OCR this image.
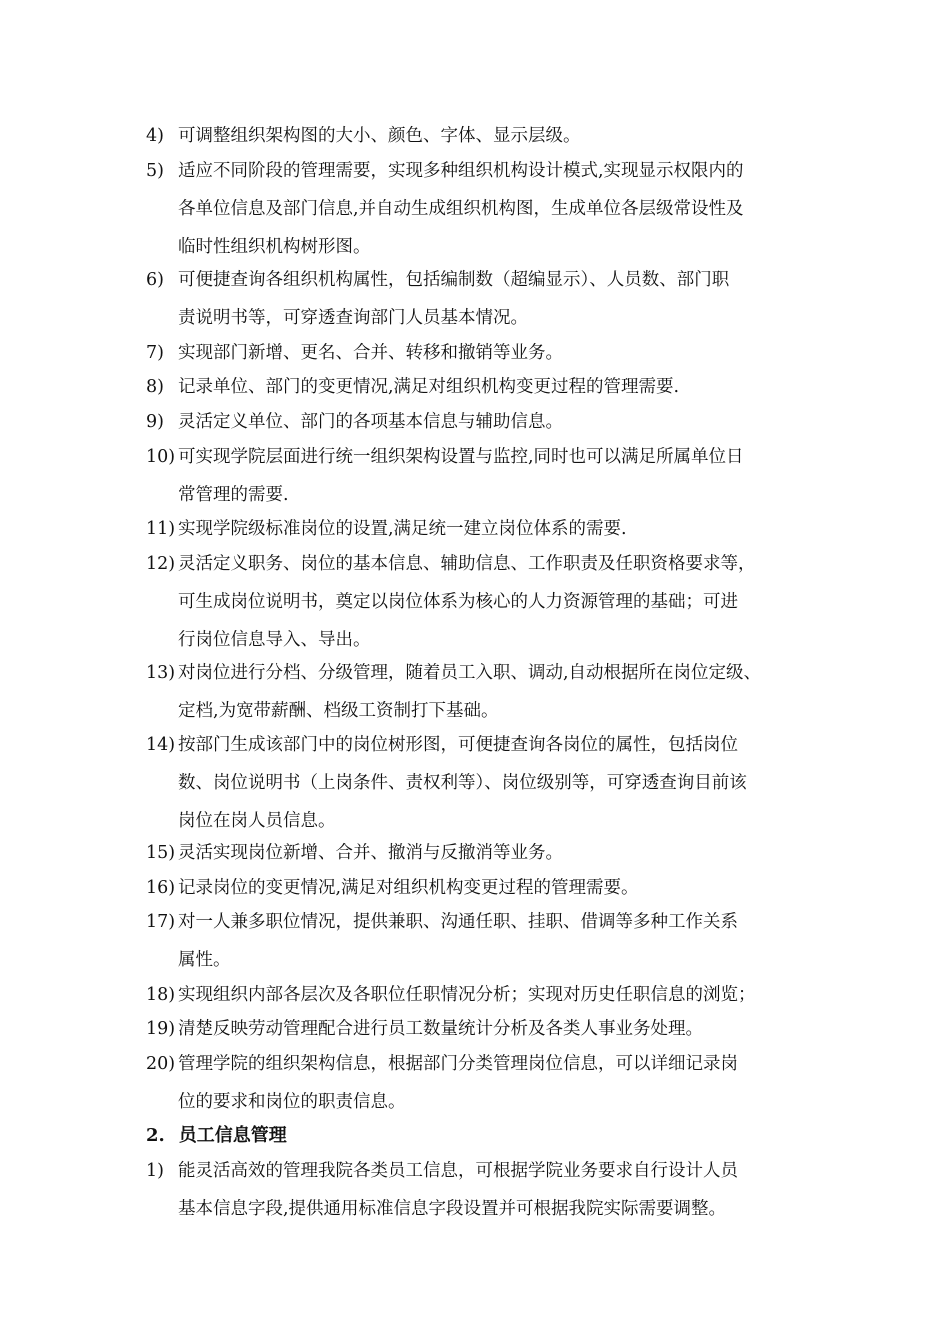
4) 可调整组织架构图的大小、颜色、字体、显示层级。
5) 适应不同阶段的管理需要，实现多种组织机构设计模式,实现显示权限内的
各单位信息及部门信息,并自动生成组织机构图，生成单位各层级常设性及
临时性组织机构树形图。
6) 可便捷查询各组织机构属性，包括编制数（超编显示）、人员数、部门职
责说明书等，可穿透查询部门人员基本情况。
7) 实现部门新增、更名、合并、转移和撤销等业务。
8) 记录单位、部门的变更情况,满足对组织机构变更过程的管理需要.
9) 灵活定义单位、部门的各项基本信息与辅助信息。
10) 可实现学院层面进行统一组织架构设置与监控,同时也可以满足所属单位日
常管理的需要.
11) 实现学院级标准岗位的设置,满足统一建立岗位体系的需要.
12) 灵活定义职务、岗位的基本信息、辅助信息、工作职责及任职资格要求等，
可生成岗位说明书，奠定以岗位体系为核心的人力资源管理的基础；可进
行岗位信息导入、导出。
13) 对岗位进行分档、分级管理，随着员工入职、调动,自动根据所在岗位定级、
定档,为宽带薪酬、档级工资制打下基础。
14) 按部门生成该部门中的岗位树形图，可便捷查询各岗位的属性，包括岗位
数、岗位说明书（上岗条件、责权利等）、岗位级别等，可穿透查询目前该
岗位在岗人员信息。
15) 灵活实现岗位新增、合并、撤消与反撤消等业务。
16) 记录岗位的变更情况,满足对组织机构变更过程的管理需要。
17) 对一人兼多职位情况，提供兼职、沟通任职、挂职、借调等多种工作关系
属性。
18) 实现组织内部各层次及各职位任职情况分析；实现对历史任职信息的浏览；
19) 清楚反映劳动管理配合进行员工数量统计分析及各类人事业务处理。
20) 管理学院的组织架构信息，根据部门分类管理岗位信息，可以详细记录岗
位的要求和岗位的职责信息。
2. 员工信息管理
1) 能灵活高效的管理我院各类员工信息，可根据学院业务要求自行设计人员
基本信息字段,提供通用标准信息字段设置并可根据我院实际需要调整。
